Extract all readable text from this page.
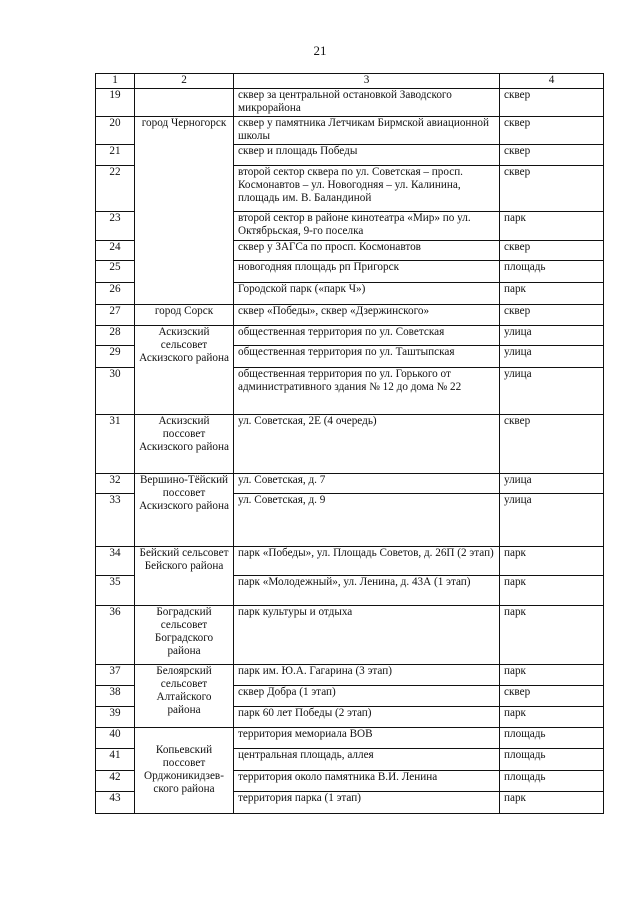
21
1	2	3	4
19		сквер за центральной остановкой Заводского микрорайона	сквер
20	город Черногорск	сквер у памятника Летчикам Бирмской авиационной школы	сквер
21		сквер и площадь Победы	сквер
22		второй сектор сквера по ул. Советская – просп. Космонавтов – ул. Новогодняя – ул. Калинина, площадь им. В. Баландиной	сквер
23		второй сектор в районе кинотеатра «Мир» по ул. Октябрьская, 9-го поселка	парк
24		сквер у ЗАГСа по просп. Космонавтов	сквер
25		новогодняя площадь рп Пригорск	площадь
26		Городской парк («парк Ч»)	парк
27	город Сорск	сквер «Победы», сквер «Дзержинского»	сквер
28	Аскизский сельсовет Аскизского района	общественная территория по ул. Советская	улица
29		общественная территория по ул. Таштыпская	улица
30		общественная территория по ул. Горького от административного здания № 12 до дома № 22	улица
31	Аскизский поссовет Аскизского района	ул. Советская, 2Е (4 очередь)	сквер
32	Вершино-Тёйский поссовет Аскизского района	ул. Советская, д. 7	улица
33		ул. Советская, д. 9	улица
34	Бейский сельсовет Бейского района	парк «Победы», ул. Площадь Советов, д. 26П (2 этап)	парк
35		парк «Молодежный», ул. Ленина, д. 43А (1 этап)	парк
36	Боградский сельсовет Боградского района	парк культуры и отдыха	парк
37	Белоярский сельсовет Алтайского района	парк им. Ю.А. Гагарина (3 этап)	парк
38		сквер Добра (1 этап)	сквер
39		парк 60 лет Победы (2 этап)	парк
40	Копьевский поссовет Орджоникидзев-ского района	территория мемориала ВОВ	площадь
41		центральная площадь, аллея	площадь
42		территория около памятника В.И. Ленина	площадь
43		территория парка (1 этап)	парк
